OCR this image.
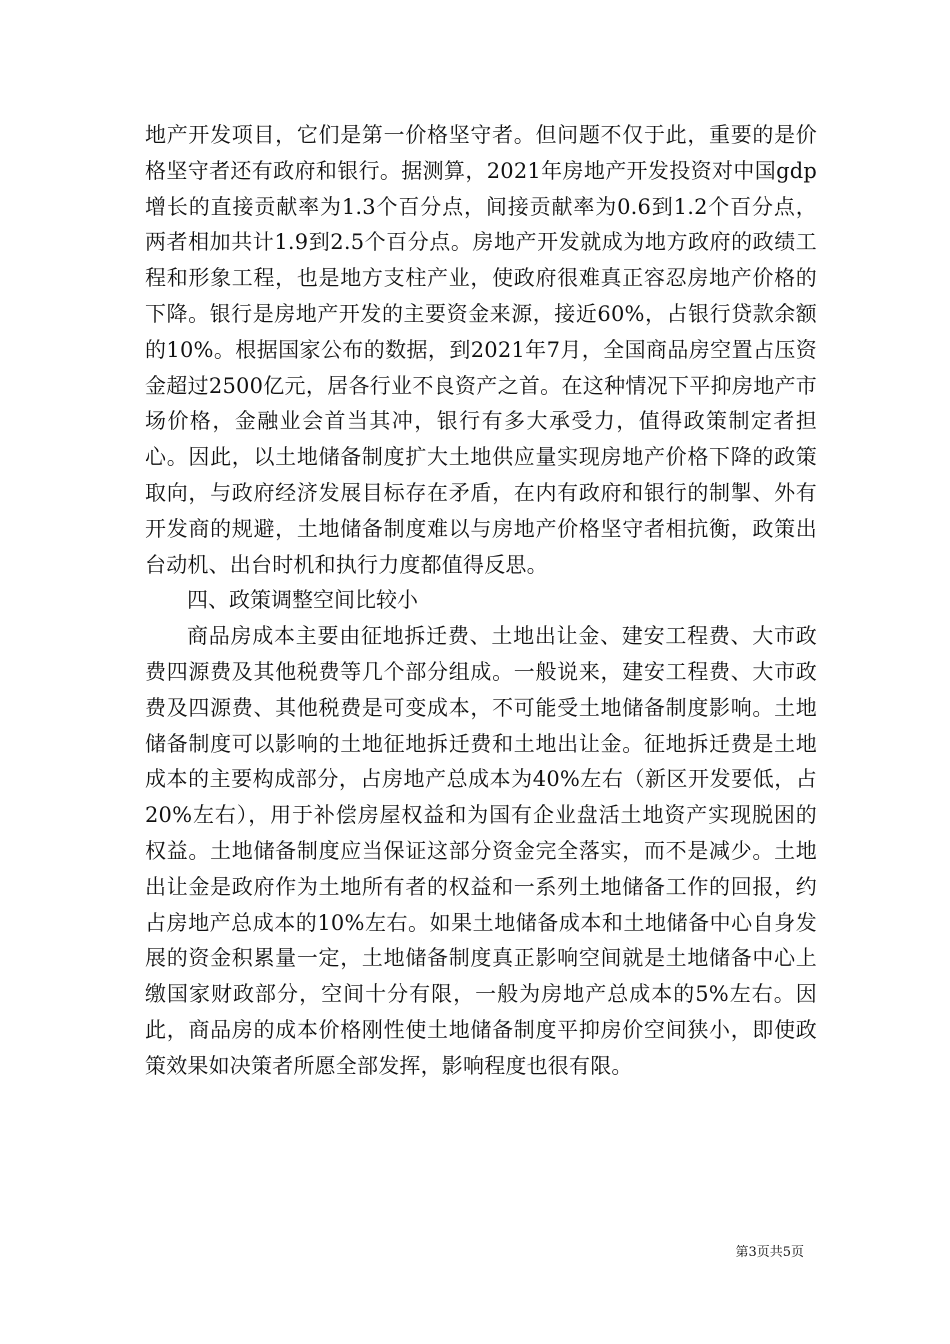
地产开发项目，它们是第一价格坚守者。但问题不仅于此，重要的是价格坚守者还有政府和银行。据测算，2021年房地产开发投资对中国gdp增长的直接贡献率为1.3个百分点，间接贡献率为0.6到1.2个百分点，两者相加共计1.9到2.5个百分点。房地产开发就成为地方政府的政绩工程和形象工程，也是地方支柱产业，使政府很难真正容忍房地产价格的下降。银行是房地产开发的主要资金来源，接近60%，占银行贷款余额的10%。根据国家公布的数据，到2021年7月，全国商品房空置占压资金超过2500亿元，居各行业不良资产之首。在这种情况下平抑房地产市场价格，金融业会首当其冲，银行有多大承受力，值得政策制定者担心。因此，以土地储备制度扩大土地供应量实现房地产价格下降的政策取向，与政府经济发展目标存在矛盾，在内有政府和银行的制掣、外有开发商的规避，土地储备制度难以与房地产价格坚守者相抗衡，政策出台动机、出台时机和执行力度都值得反思。

四、政策调整空间比较小

商品房成本主要由征地拆迁费、土地出让金、建安工程费、大市政费四源费及其他税费等几个部分组成。一般说来，建安工程费、大市政费及四源费、其他税费是可变成本，不可能受土地储备制度影响。土地储备制度可以影响的土地征地拆迁费和土地出让金。征地拆迁费是土地成本的主要构成部分，占房地产总成本为40%左右（新区开发要低，占20%左右），用于补偿房屋权益和为国有企业盘活土地资产实现脱困的权益。土地储备制度应当保证这部分资金完全落实，而不是减少。土地出让金是政府作为土地所有者的权益和一系列土地储备工作的回报，约占房地产总成本的10%左右。如果土地储备成本和土地储备中心自身发展的资金积累量一定，土地储备制度真正影响空间就是土地储备中心上缴国家财政部分，空间十分有限，一般为房地产总成本的5%左右。因此，商品房的成本价格刚性使土地储备制度平抑房价空间狭小，即使政策效果如决策者所愿全部发挥，影响程度也很有限。

第3页共5页
